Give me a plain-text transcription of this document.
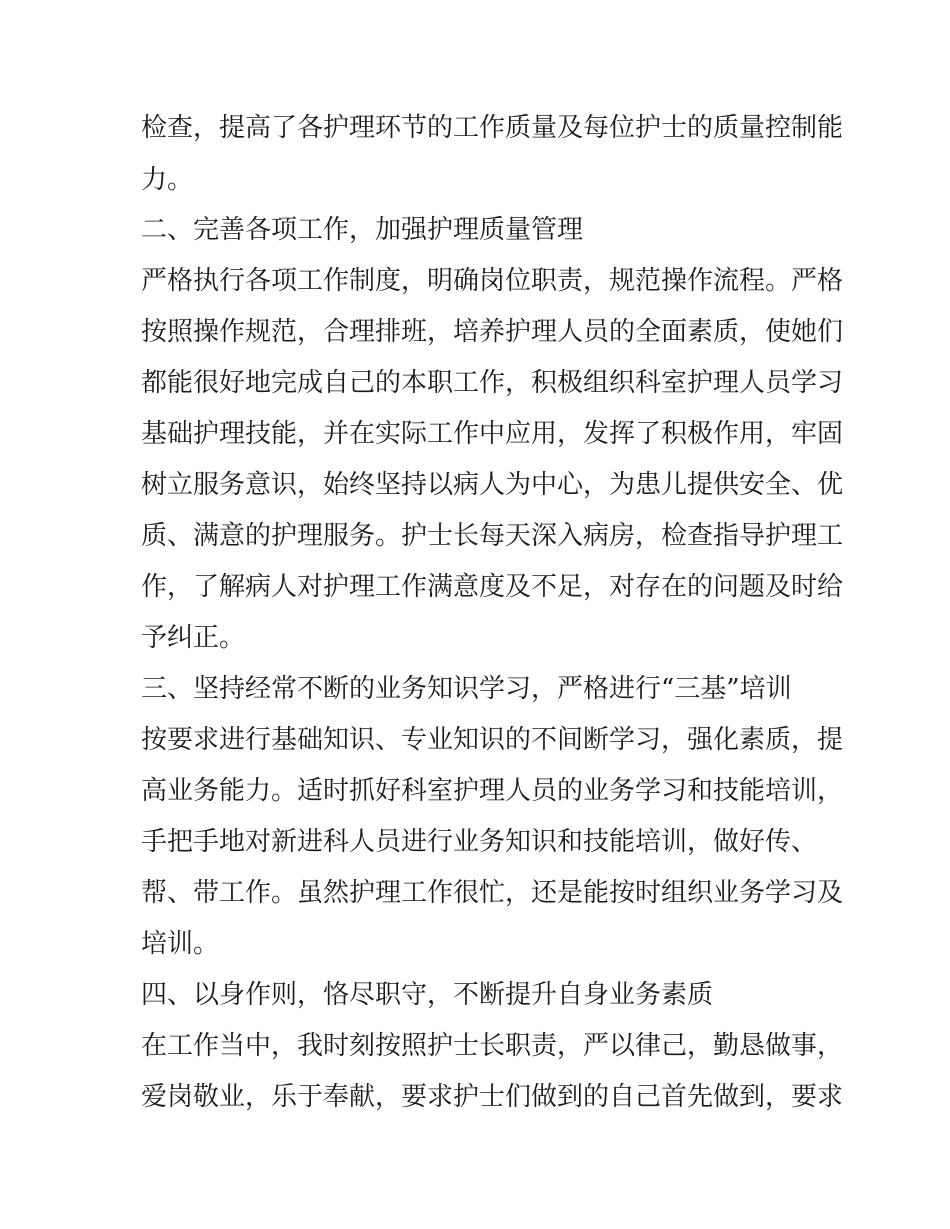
检查，提高了各护理环节的工作质量及每位护士的质量控制能
力。
二、完善各项工作，加强护理质量管理
严格执行各项工作制度，明确岗位职责，规范操作流程。严格
按照操作规范，合理排班，培养护理人员的全面素质，使她们
都能很好地完成自己的本职工作，积极组织科室护理人员学习
基础护理技能，并在实际工作中应用，发挥了积极作用，牢固
树立服务意识，始终坚持以病人为中心，为患儿提供安全、优
质、满意的护理服务。护士长每天深入病房，检查指导护理工
作，了解病人对护理工作满意度及不足，对存在的问题及时给
予纠正。
三、坚持经常不断的业务知识学习，严格进行“三基”培训
按要求进行基础知识、专业知识的不间断学习，强化素质，提
高业务能力。适时抓好科室护理人员的业务学习和技能培训，
手把手地对新进科人员进行业务知识和技能培训，做好传、
帮、带工作。虽然护理工作很忙，还是能按时组织业务学习及
培训。
四、以身作则，恪尽职守，不断提升自身业务素质
在工作当中，我时刻按照护士长职责，严以律己，勤恳做事，
爱岗敬业，乐于奉献，要求护士们做到的自己首先做到，要求
